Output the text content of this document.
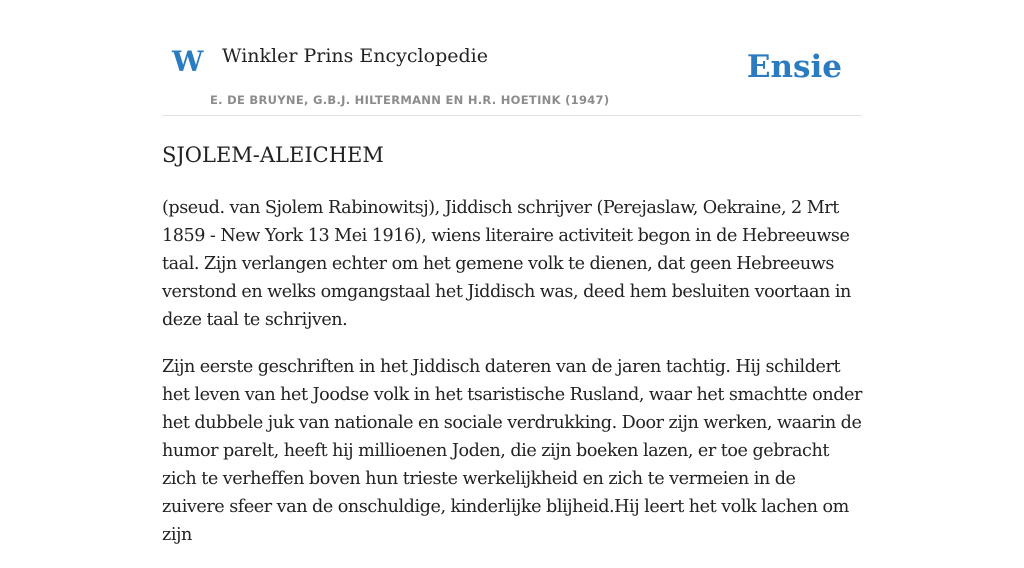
W Winkler Prins Encyclopedie
E. DE BRUYNE, G.B.J. HILTERMANN EN H.R. HOETINK (1947)
Ensie
SJOLEM-ALEICHEM

(pseud. van Sjolem Rabinowitsj), Jiddisch schrijver (Perejaslaw, Oekraine, 2 Mrt 1859 - New York 13 Mei 1916), wiens literaire activiteit begon in de Hebreeuwse taal. Zijn verlangen echter om het gemene volk te dienen, dat geen Hebreeuws verstond en welks omgangstaal het Jiddisch was, deed hem besluiten voortaan in deze taal te schrijven.

Zijn eerste geschriften in het Jiddisch dateren van de jaren tachtig. Hij schildert het leven van het Joodse volk in het tsaristische Rusland, waar het smachtte onder het dubbele juk van nationale en sociale verdrukking. Door zijn werken, waarin de humor parelt, heeft hij millioenen Joden, die zijn boeken lazen, er toe gebracht zich te verheffen boven hun trieste werkelijkheid en zich te vermeien in de zuivere sfeer van de onschuldige, kinderlijke blijheid.Hij leert het volk lachen om zijn
